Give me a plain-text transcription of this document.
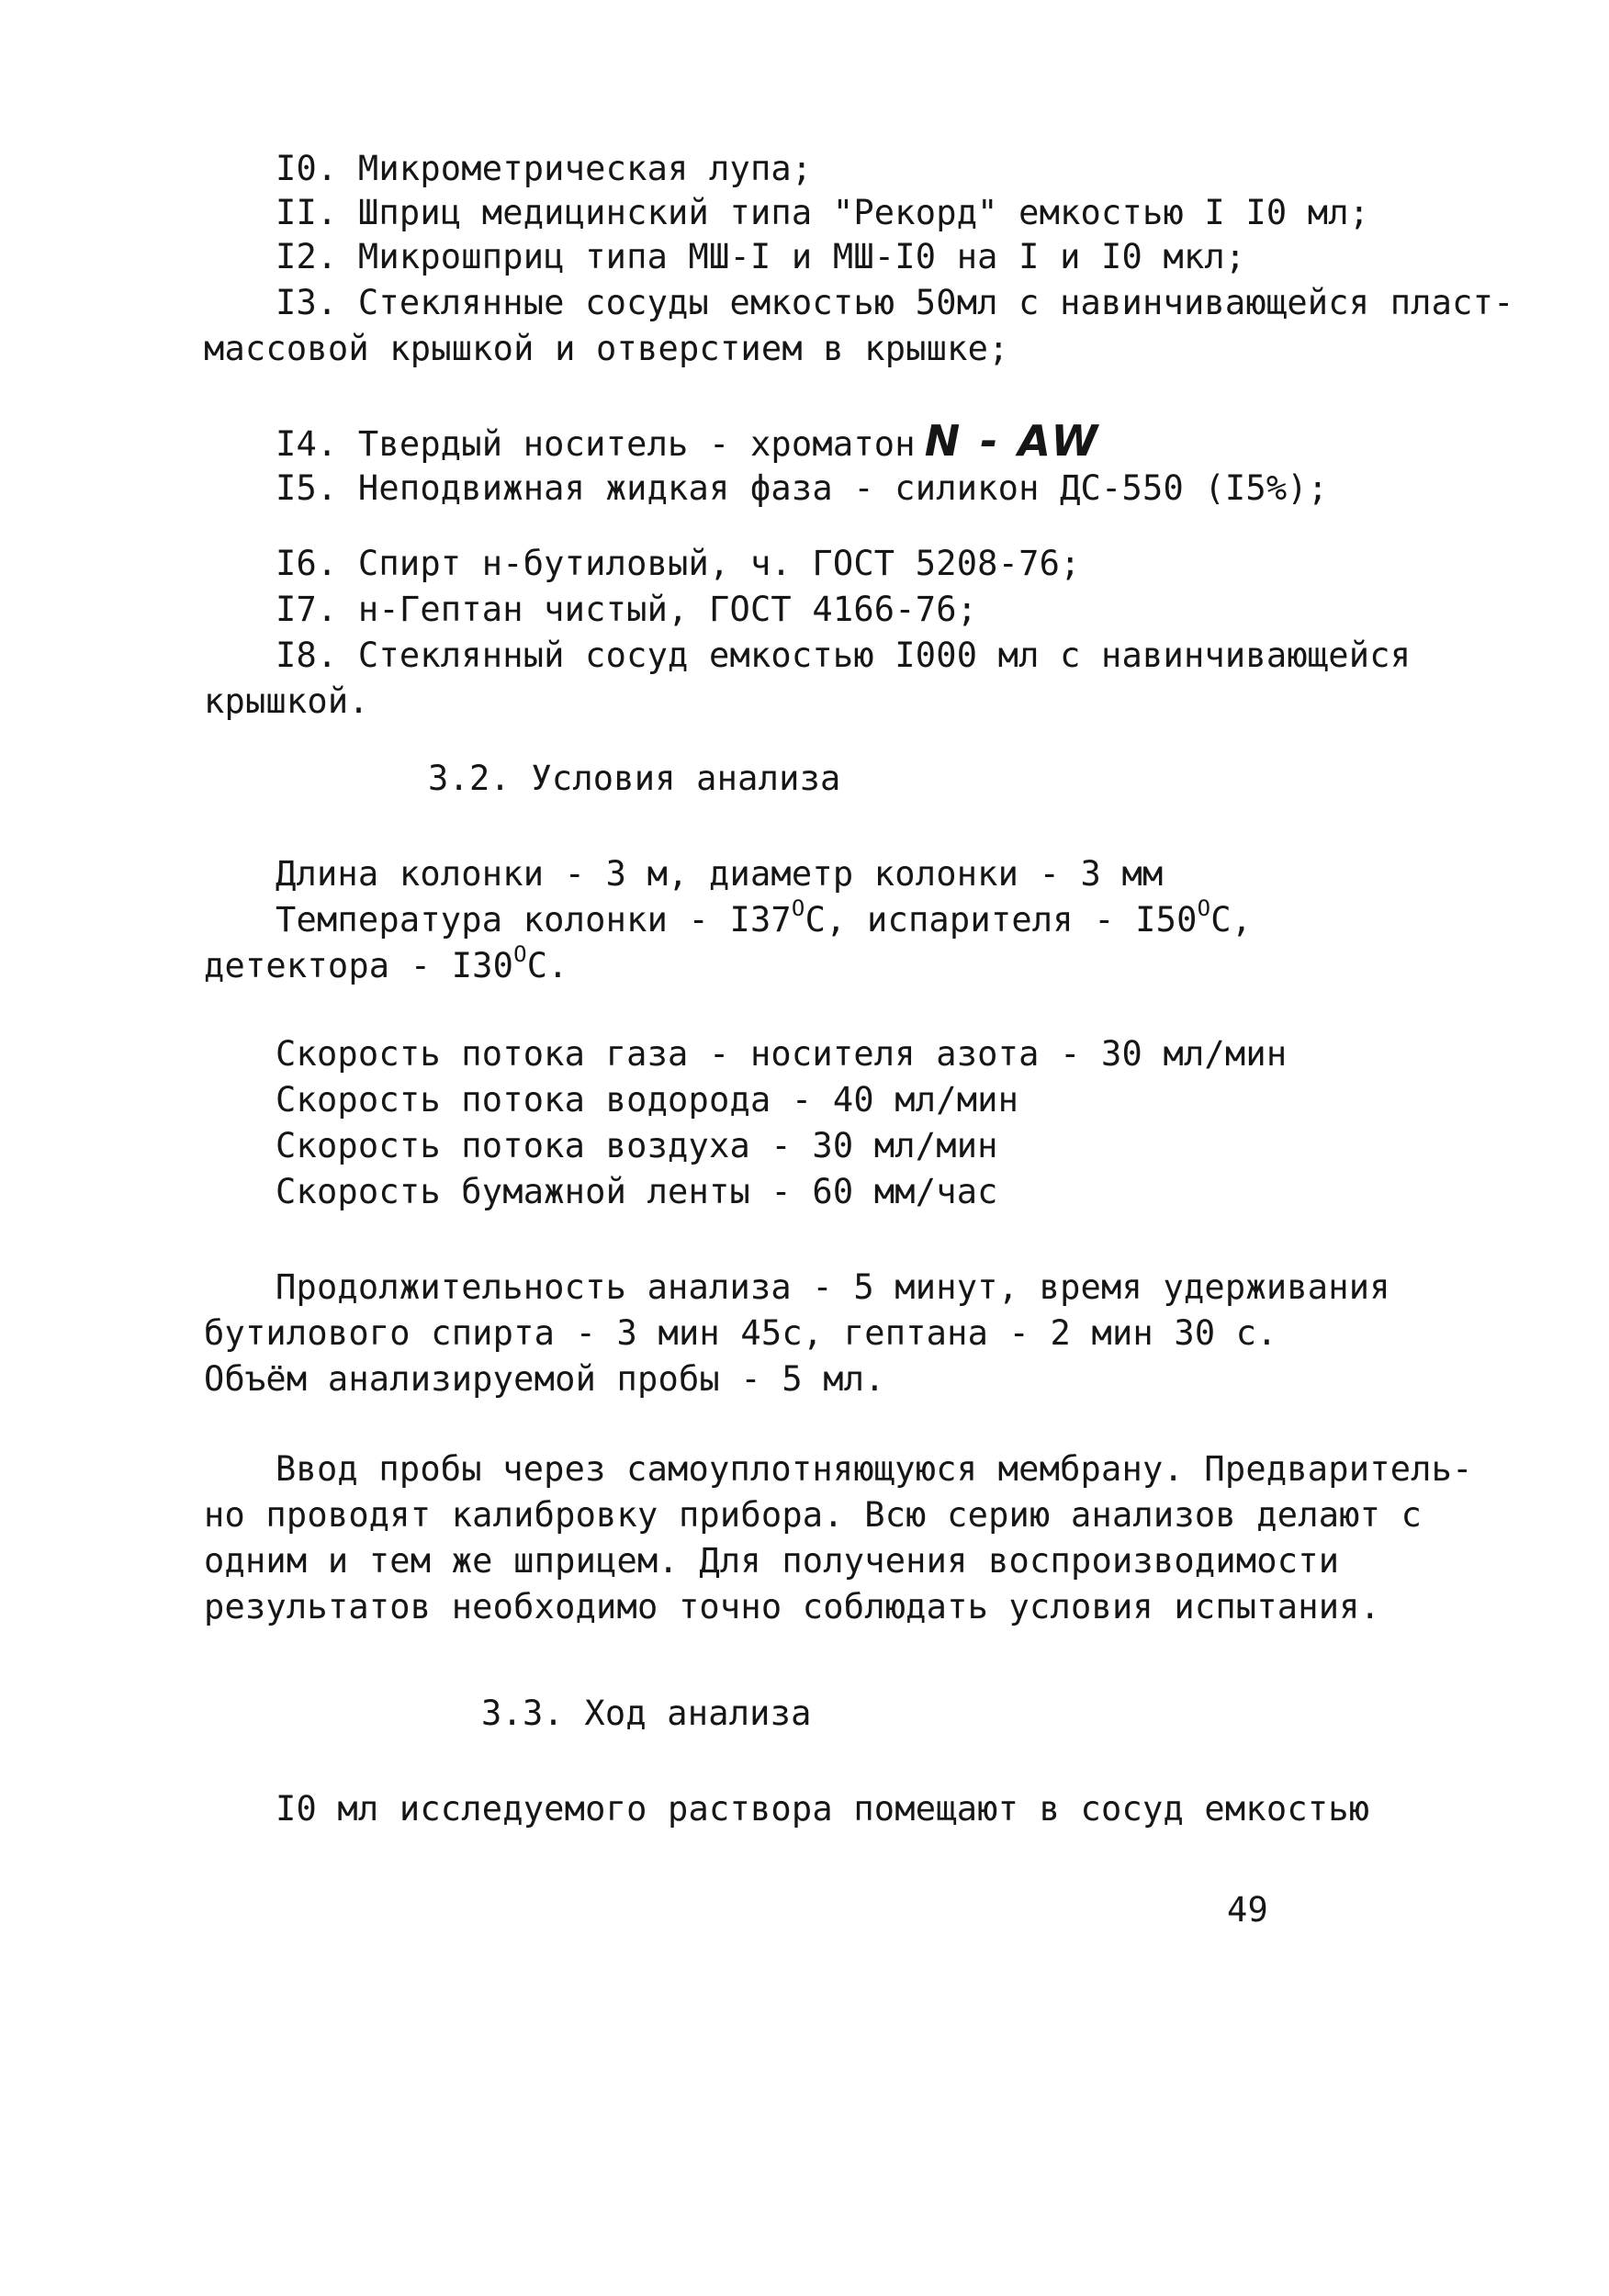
I0. Микрометрическая лупа;
II. Шприц медицинский типа "Рекорд" емкостью I I0 мл;
I2. Микрошприц типа МШ-I и МШ-I0 на I и I0 мкл;
I3. Стеклянные сосуды емкостью 50мл с навинчивающейся пласт-
массовой крышкой и отверстием в крышке;
I4. Твердый носитель - хроматон N - AW
I5. Неподвижная жидкая фаза - силикон ДС-550 (I5%);
I6. Спирт н-бутиловый, ч. ГОСТ 5208-76;
I7. н-Гептан чистый, ГОСТ 4166-76;
I8. Стеклянный сосуд емкостью I000 мл с навинчивающейся
крышкой.
3.2. Условия анализа
Длина колонки - 3 м, диаметр колонки - 3 мм
Температура колонки - $I37^OС$, испарителя - $I50^OС$,
детектора - $I30^OС$.
Скорость потока газа - носителя азота - 30 мл/мин
Скорость потока водорода - 40 мл/мин
Скорость потока воздуха - 30 мл/мин
Скорость бумажной ленты - 60 мм/час
Продолжительность анализа - 5 минут, время удерживания
бутилового спирта - 3 мин 45с, гептана - 2 мин 30 с.
Объём анализируемой пробы - 5 мл.
Ввод пробы через самоуплотняющуюся мембрану. Предваритель-
но проводят калибровку прибора. Всю серию анализов делают с
одним и тем же шприцем. Для получения воспроизводимости
результатов необходимо точно соблюдать условия испытания.
3.3. Ход анализа
I0 мл исследуемого раствора помещают в сосуд емкостью
49
